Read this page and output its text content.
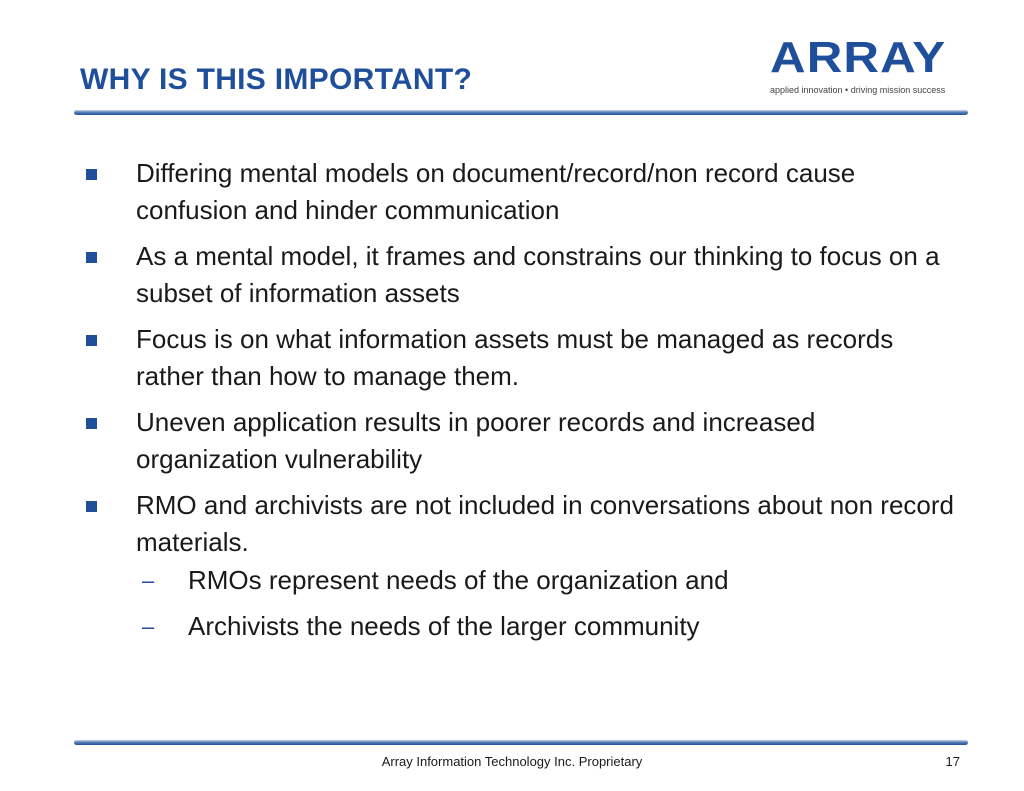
WHY IS THIS IMPORTANT?	ARRAY
applied innovation • driving mission success
Differing mental models on document/record/non record cause confusion and hinder communication
As a mental model, it frames and constrains our thinking to focus on a subset of information assets
Focus is on what information assets must be managed as records rather than how to manage them.
Uneven application results in poorer records and increased organization vulnerability
RMO and archivists are not included in conversations about non record materials.
– RMOs represent needs of the organization and
– Archivists the needs of the larger community
Array Information Technology Inc. Proprietary	17
